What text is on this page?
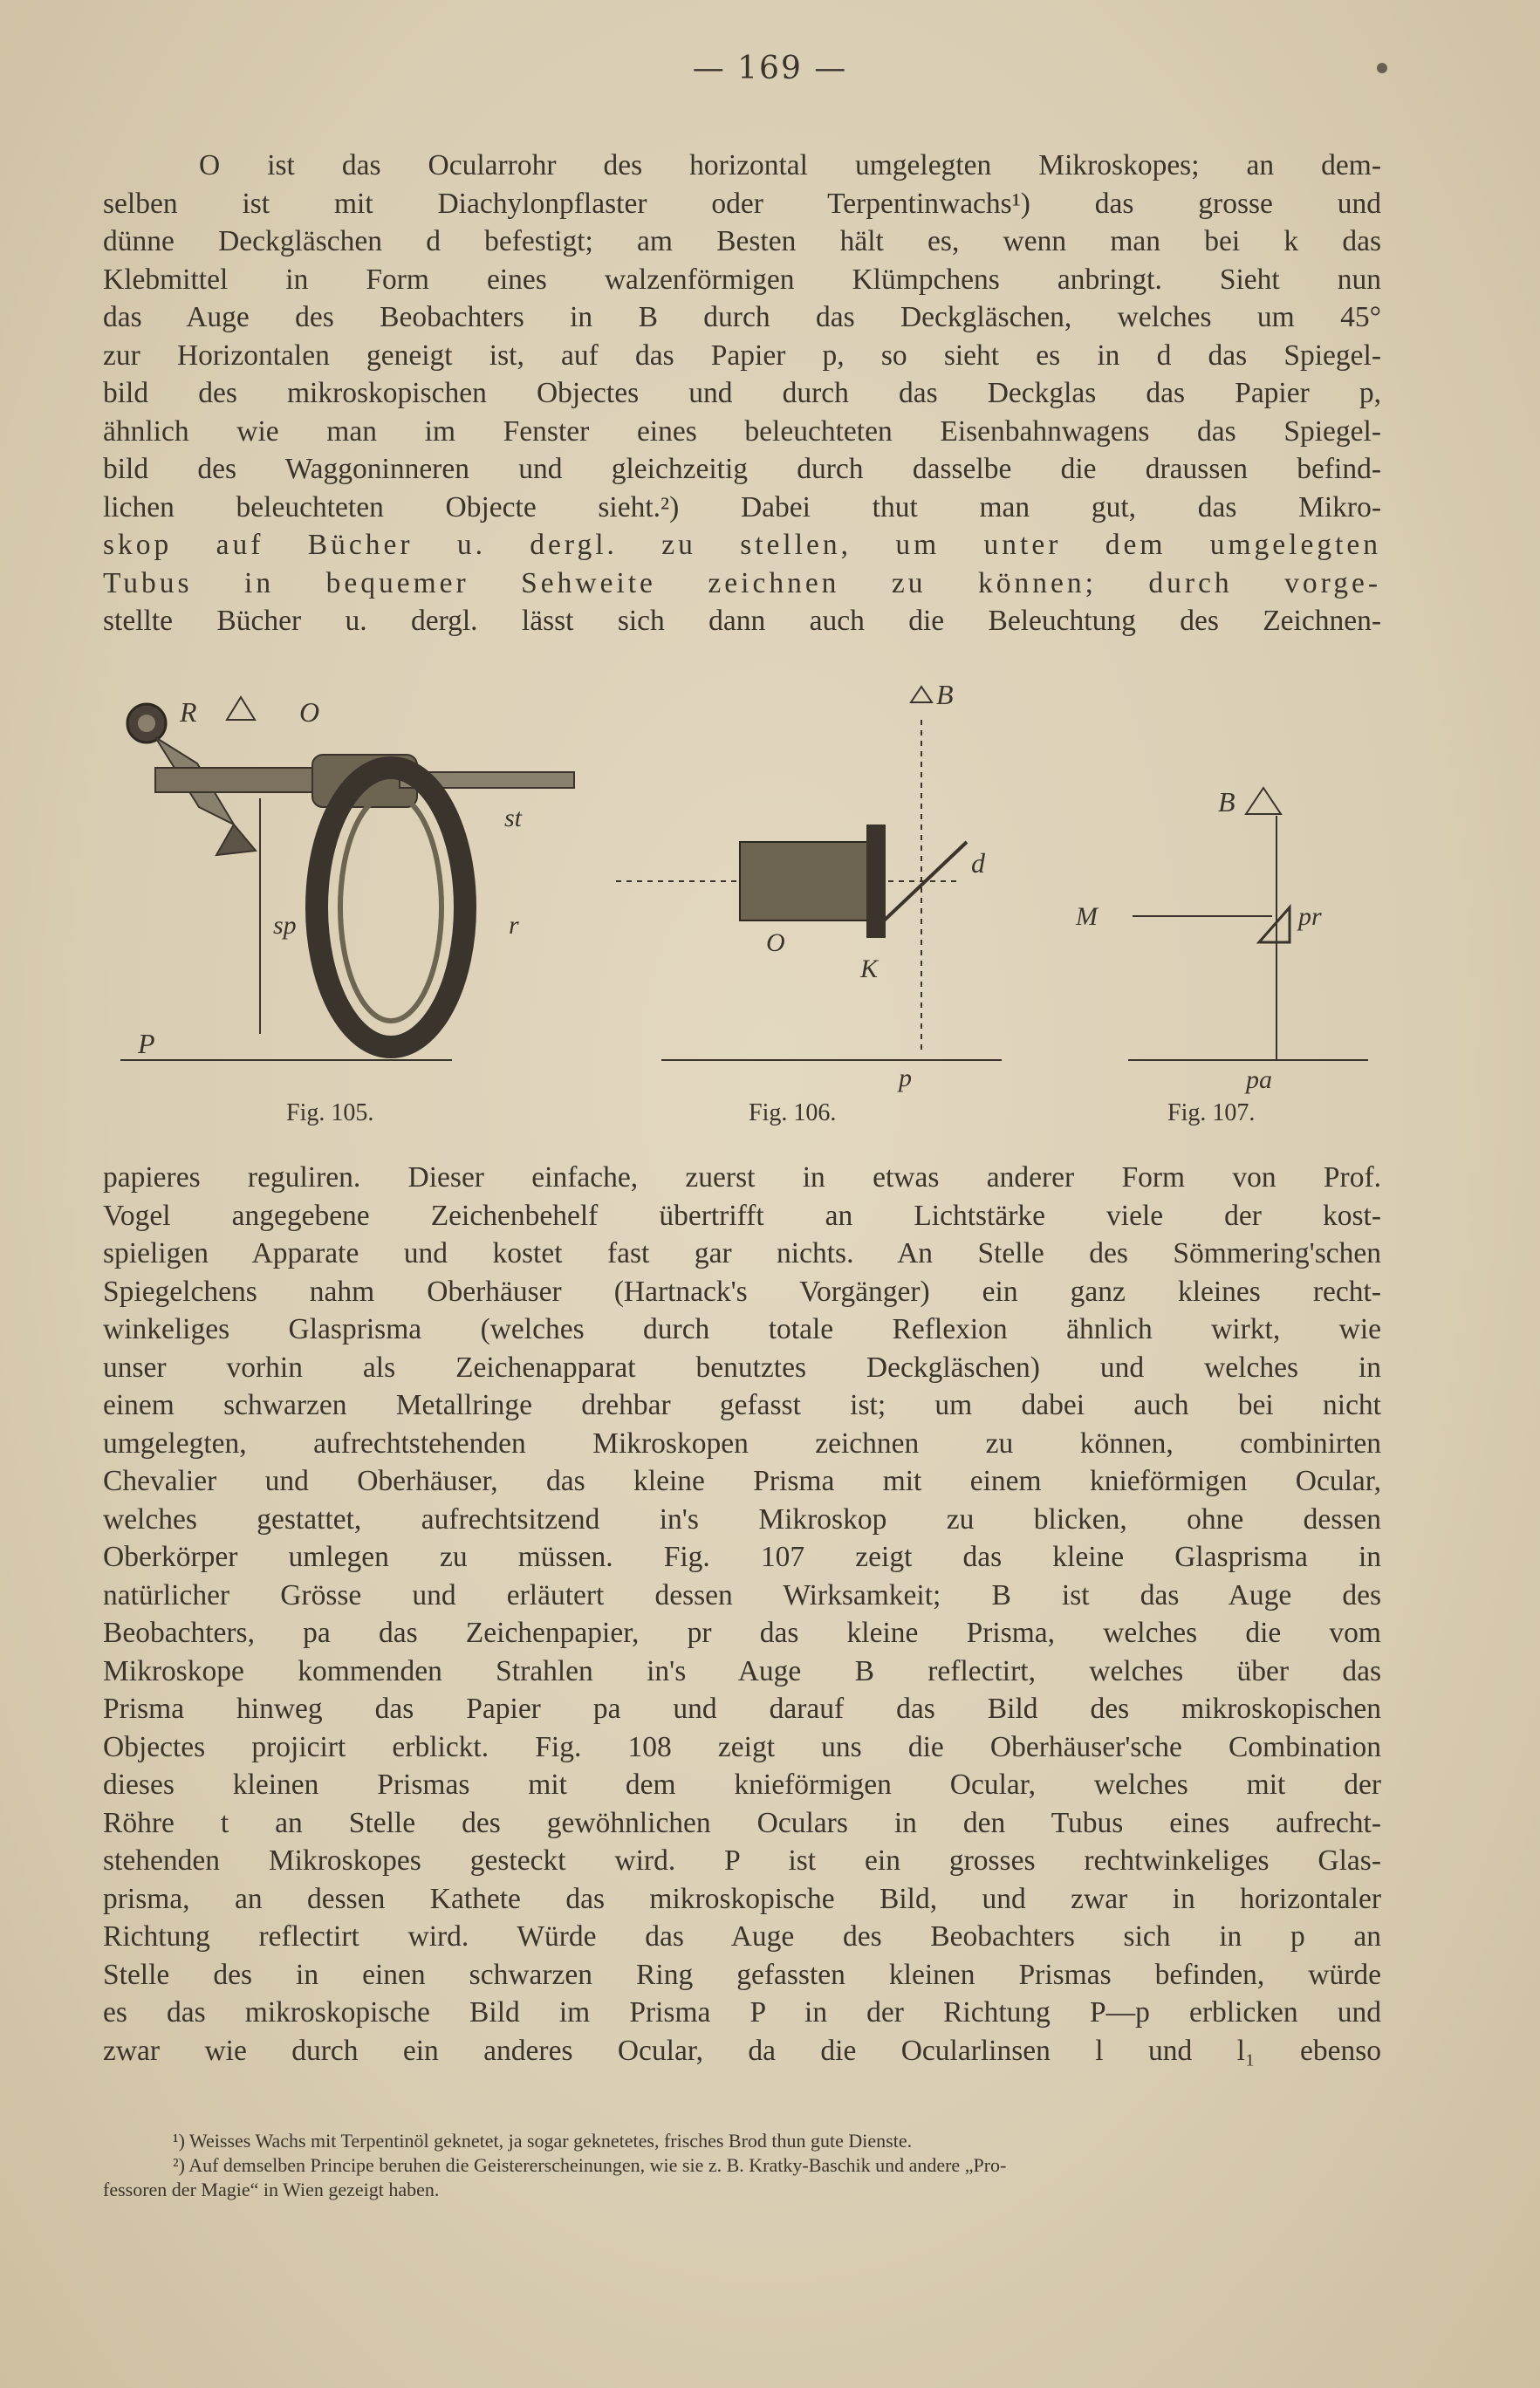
— 169 —
O ist das Ocularrohr des horizontal umgelegten Mikroskopes; an dem-
selben ist mit Diachylonpflaster oder Terpentinwachs¹) das grosse und
dünne Deckgläschen d befestigt; am Besten hält es, wenn man bei k das
Klebmittel in Form eines walzenförmigen Klümpchens anbringt. Sieht nun
das Auge des Beobachters in B durch das Deckgläschen, welches um 45°
zur Horizontalen geneigt ist, auf das Papier p, so sieht es in d das Spiegel-
bild des mikroskopischen Objectes und durch das Deckglas das Papier p,
ähnlich wie man im Fenster eines beleuchteten Eisenbahnwagens das Spiegel-
bild des Waggoninneren und gleichzeitig durch dasselbe die draussen befind-
lichen beleuchteten Objecte sieht.²) Dabei thut man gut, das Mikro-
skop auf Bücher u. dergl. zu stellen, um unter dem umgelegten
Tubus in bequemer Sehweite zeichnen zu können; durch vorge-
stellte Bücher u. dergl. lässt sich dann auch die Beleuchtung des Zeichnen-
R	O
st
sp	r
P
B
d
O
K
p
B
M	pr
pa
Fig. 105.	Fig. 106.	Fig. 107.
papieres reguliren. Dieser einfache, zuerst in etwas anderer Form von Prof.
Vogel angegebene Zeichenbehelf übertrifft an Lichtstärke viele der kost-
spieligen Apparate und kostet fast gar nichts. An Stelle des Sömmering'schen
Spiegelchens nahm Oberhäuser (Hartnack's Vorgänger) ein ganz kleines recht-
winkeliges Glasprisma (welches durch totale Reflexion ähnlich wirkt, wie
unser vorhin als Zeichenapparat benutztes Deckgläschen) und welches in
einem schwarzen Metallringe drehbar gefasst ist; um dabei auch bei nicht
umgelegten, aufrechtstehenden Mikroskopen zeichnen zu können, combinirten
Chevalier und Oberhäuser, das kleine Prisma mit einem knieförmigen Ocular,
welches gestattet, aufrechtsitzend in's Mikroskop zu blicken, ohne dessen
Oberkörper umlegen zu müssen. Fig. 107 zeigt das kleine Glasprisma in
natürlicher Grösse und erläutert dessen Wirksamkeit; B ist das Auge des
Beobachters, pa das Zeichenpapier, pr das kleine Prisma, welches die vom
Mikroskope kommenden Strahlen in's Auge B reflectirt, welches über das
Prisma hinweg das Papier pa und darauf das Bild des mikroskopischen
Objectes projicirt erblickt. Fig. 108 zeigt uns die Oberhäuser'sche Combination
dieses kleinen Prismas mit dem knieförmigen Ocular, welches mit der
Röhre t an Stelle des gewöhnlichen Oculars in den Tubus eines aufrecht-
stehenden Mikroskopes gesteckt wird. P ist ein grosses rechtwinkeliges Glas-
prisma, an dessen Kathete das mikroskopische Bild, und zwar in horizontaler
Richtung reflectirt wird. Würde das Auge des Beobachters sich in p an
Stelle des in einen schwarzen Ring gefassten kleinen Prismas befinden, würde
es das mikroskopische Bild im Prisma P in der Richtung P—p erblicken und
zwar wie durch ein anderes Ocular, da die Ocularlinsen l und l₁ ebenso
¹) Weisses Wachs mit Terpentinöl geknetet, ja sogar geknetetes, frisches Brod thun gute Dienste.
²) Auf demselben Principe beruhen die Geistererscheinungen, wie sie z. B. Kratky-Baschik und andere „Pro-
fessoren der Magie“ in Wien gezeigt haben.
